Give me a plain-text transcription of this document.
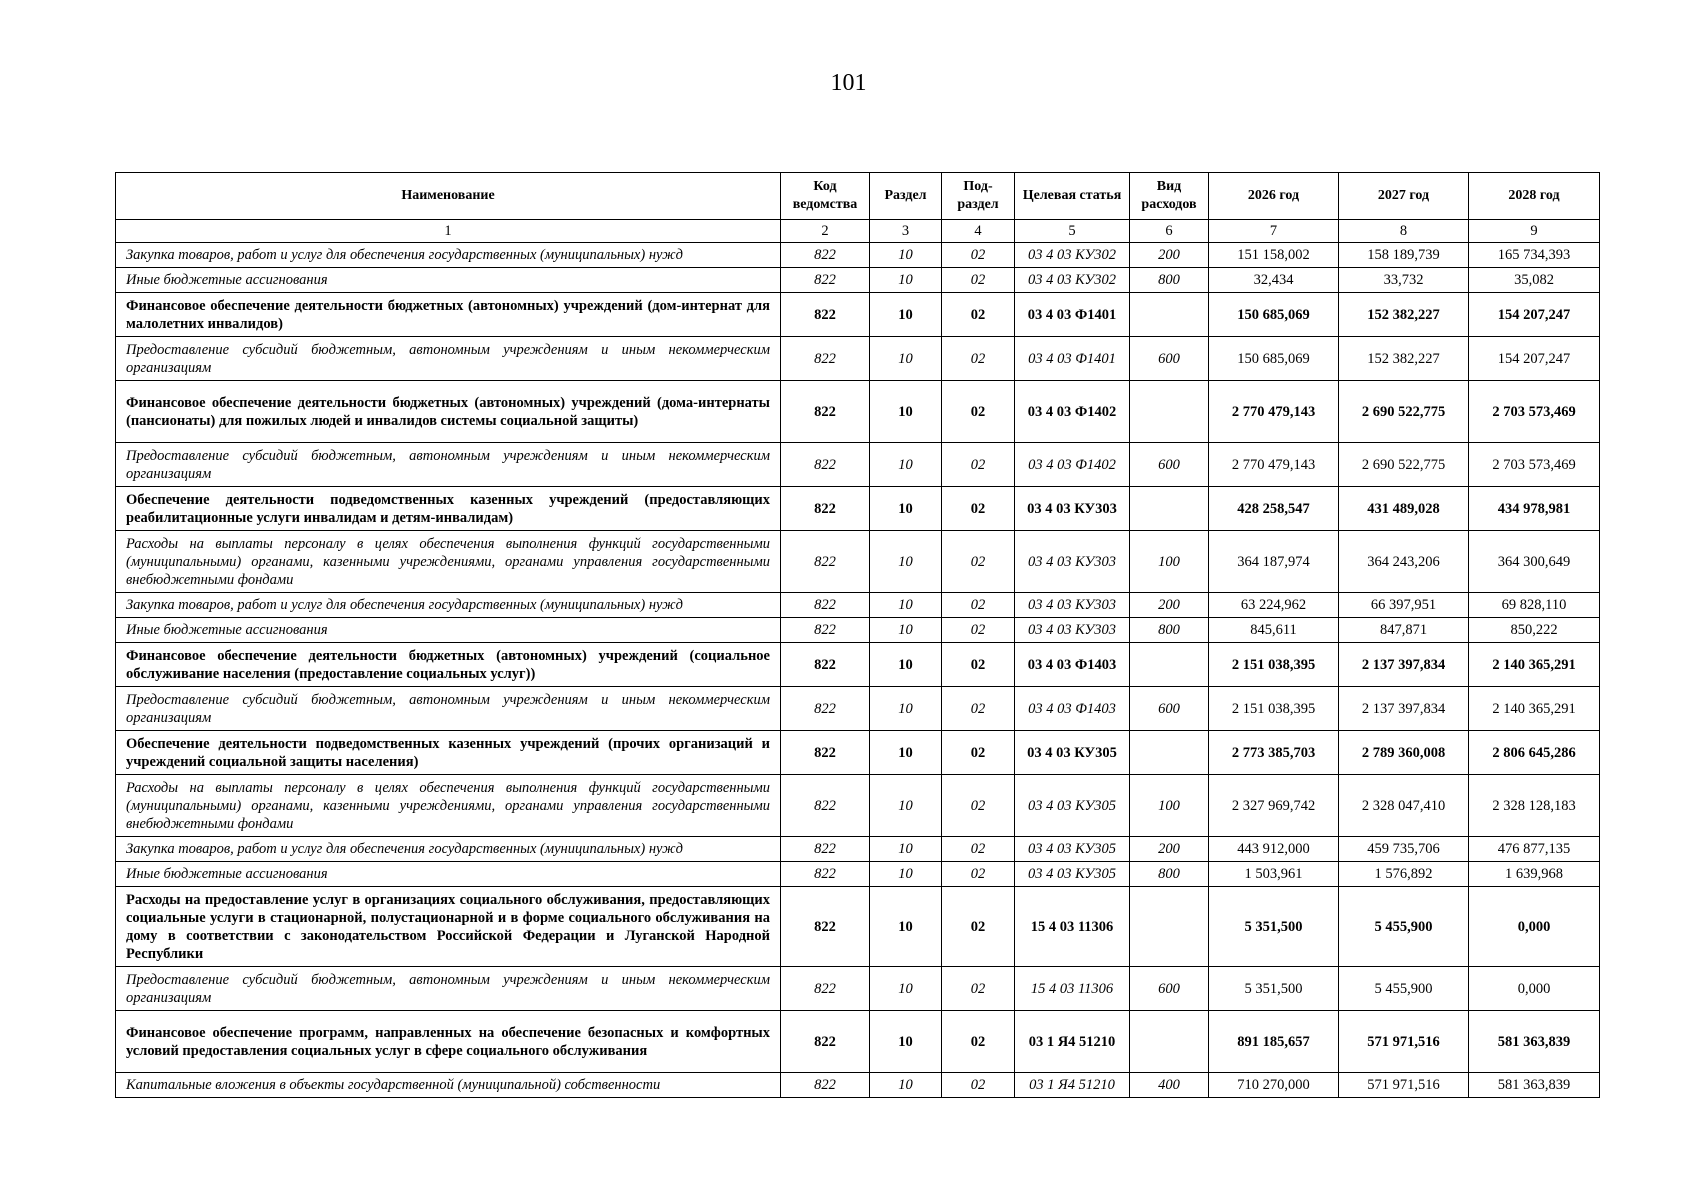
101
Наименование	Код ведомства	Раздел	Под-раздел	Целевая статья	Вид расходов	2026 год	2027 год	2028 год
1	2	3	4	5	6	7	8	9
Закупка товаров, работ и услуг для обеспечения государственных (муниципальных) нужд	822	10	02	03 4 03 КУ302	200	151 158,002	158 189,739	165 734,393
Иные бюджетные ассигнования	822	10	02	03 4 03 КУ302	800	32,434	33,732	35,082
Финансовое обеспечение деятельности бюджетных (автономных) учреждений (дом-интернат для малолетних инвалидов)	822	10	02	03 4 03 Ф1401		150 685,069	152 382,227	154 207,247
Предоставление субсидий бюджетным, автономным учреждениям и иным некоммерческим организациям	822	10	02	03 4 03 Ф1401	600	150 685,069	152 382,227	154 207,247
Финансовое обеспечение деятельности бюджетных (автономных) учреждений (дома-интернаты (пансионаты) для пожилых людей и инвалидов системы социальной защиты)	822	10	02	03 4 03 Ф1402		2 770 479,143	2 690 522,775	2 703 573,469
Предоставление субсидий бюджетным, автономным учреждениям и иным некоммерческим организациям	822	10	02	03 4 03 Ф1402	600	2 770 479,143	2 690 522,775	2 703 573,469
Обеспечение деятельности подведомственных казенных учреждений (предоставляющих реабилитационные услуги инвалидам и детям-инвалидам)	822	10	02	03 4 03 КУ303		428 258,547	431 489,028	434 978,981
Расходы на выплаты персоналу в целях обеспечения выполнения функций государственными (муниципальными) органами, казенными учреждениями, органами управления государственными внебюджетными фондами	822	10	02	03 4 03 КУ303	100	364 187,974	364 243,206	364 300,649
Закупка товаров, работ и услуг для обеспечения государственных (муниципальных) нужд	822	10	02	03 4 03 КУ303	200	63 224,962	66 397,951	69 828,110
Иные бюджетные ассигнования	822	10	02	03 4 03 КУ303	800	845,611	847,871	850,222
Финансовое обеспечение деятельности бюджетных (автономных) учреждений (социальное обслуживание населения (предоставление социальных услуг))	822	10	02	03 4 03 Ф1403		2 151 038,395	2 137 397,834	2 140 365,291
Предоставление субсидий бюджетным, автономным учреждениям и иным некоммерческим организациям	822	10	02	03 4 03 Ф1403	600	2 151 038,395	2 137 397,834	2 140 365,291
Обеспечение деятельности подведомственных казенных учреждений (прочих организаций и учреждений социальной защиты населения)	822	10	02	03 4 03 КУ305		2 773 385,703	2 789 360,008	2 806 645,286
Расходы на выплаты персоналу в целях обеспечения выполнения функций государственными (муниципальными) органами, казенными учреждениями, органами управления государственными внебюджетными фондами	822	10	02	03 4 03 КУ305	100	2 327 969,742	2 328 047,410	2 328 128,183
Закупка товаров, работ и услуг для обеспечения государственных (муниципальных) нужд	822	10	02	03 4 03 КУ305	200	443 912,000	459 735,706	476 877,135
Иные бюджетные ассигнования	822	10	02	03 4 03 КУ305	800	1 503,961	1 576,892	1 639,968
Расходы на предоставление услуг в организациях социального обслуживания, предоставляющих социальные услуги в стационарной, полустационарной и в форме социального обслуживания на дому в соответствии с законодательством Российской Федерации и Луганской Народной Республики	822	10	02	15 4 03 11306		5 351,500	5 455,900	0,000
Предоставление субсидий бюджетным, автономным учреждениям и иным некоммерческим организациям	822	10	02	15 4 03 11306	600	5 351,500	5 455,900	0,000
Финансовое обеспечение программ, направленных на обеспечение безопасных и комфортных условий предоставления социальных услуг в сфере социального обслуживания	822	10	02	03 1 Я4 51210		891 185,657	571 971,516	581 363,839
Капитальные вложения в объекты государственной (муниципальной) собственности	822	10	02	03 1 Я4 51210	400	710 270,000	571 971,516	581 363,839
